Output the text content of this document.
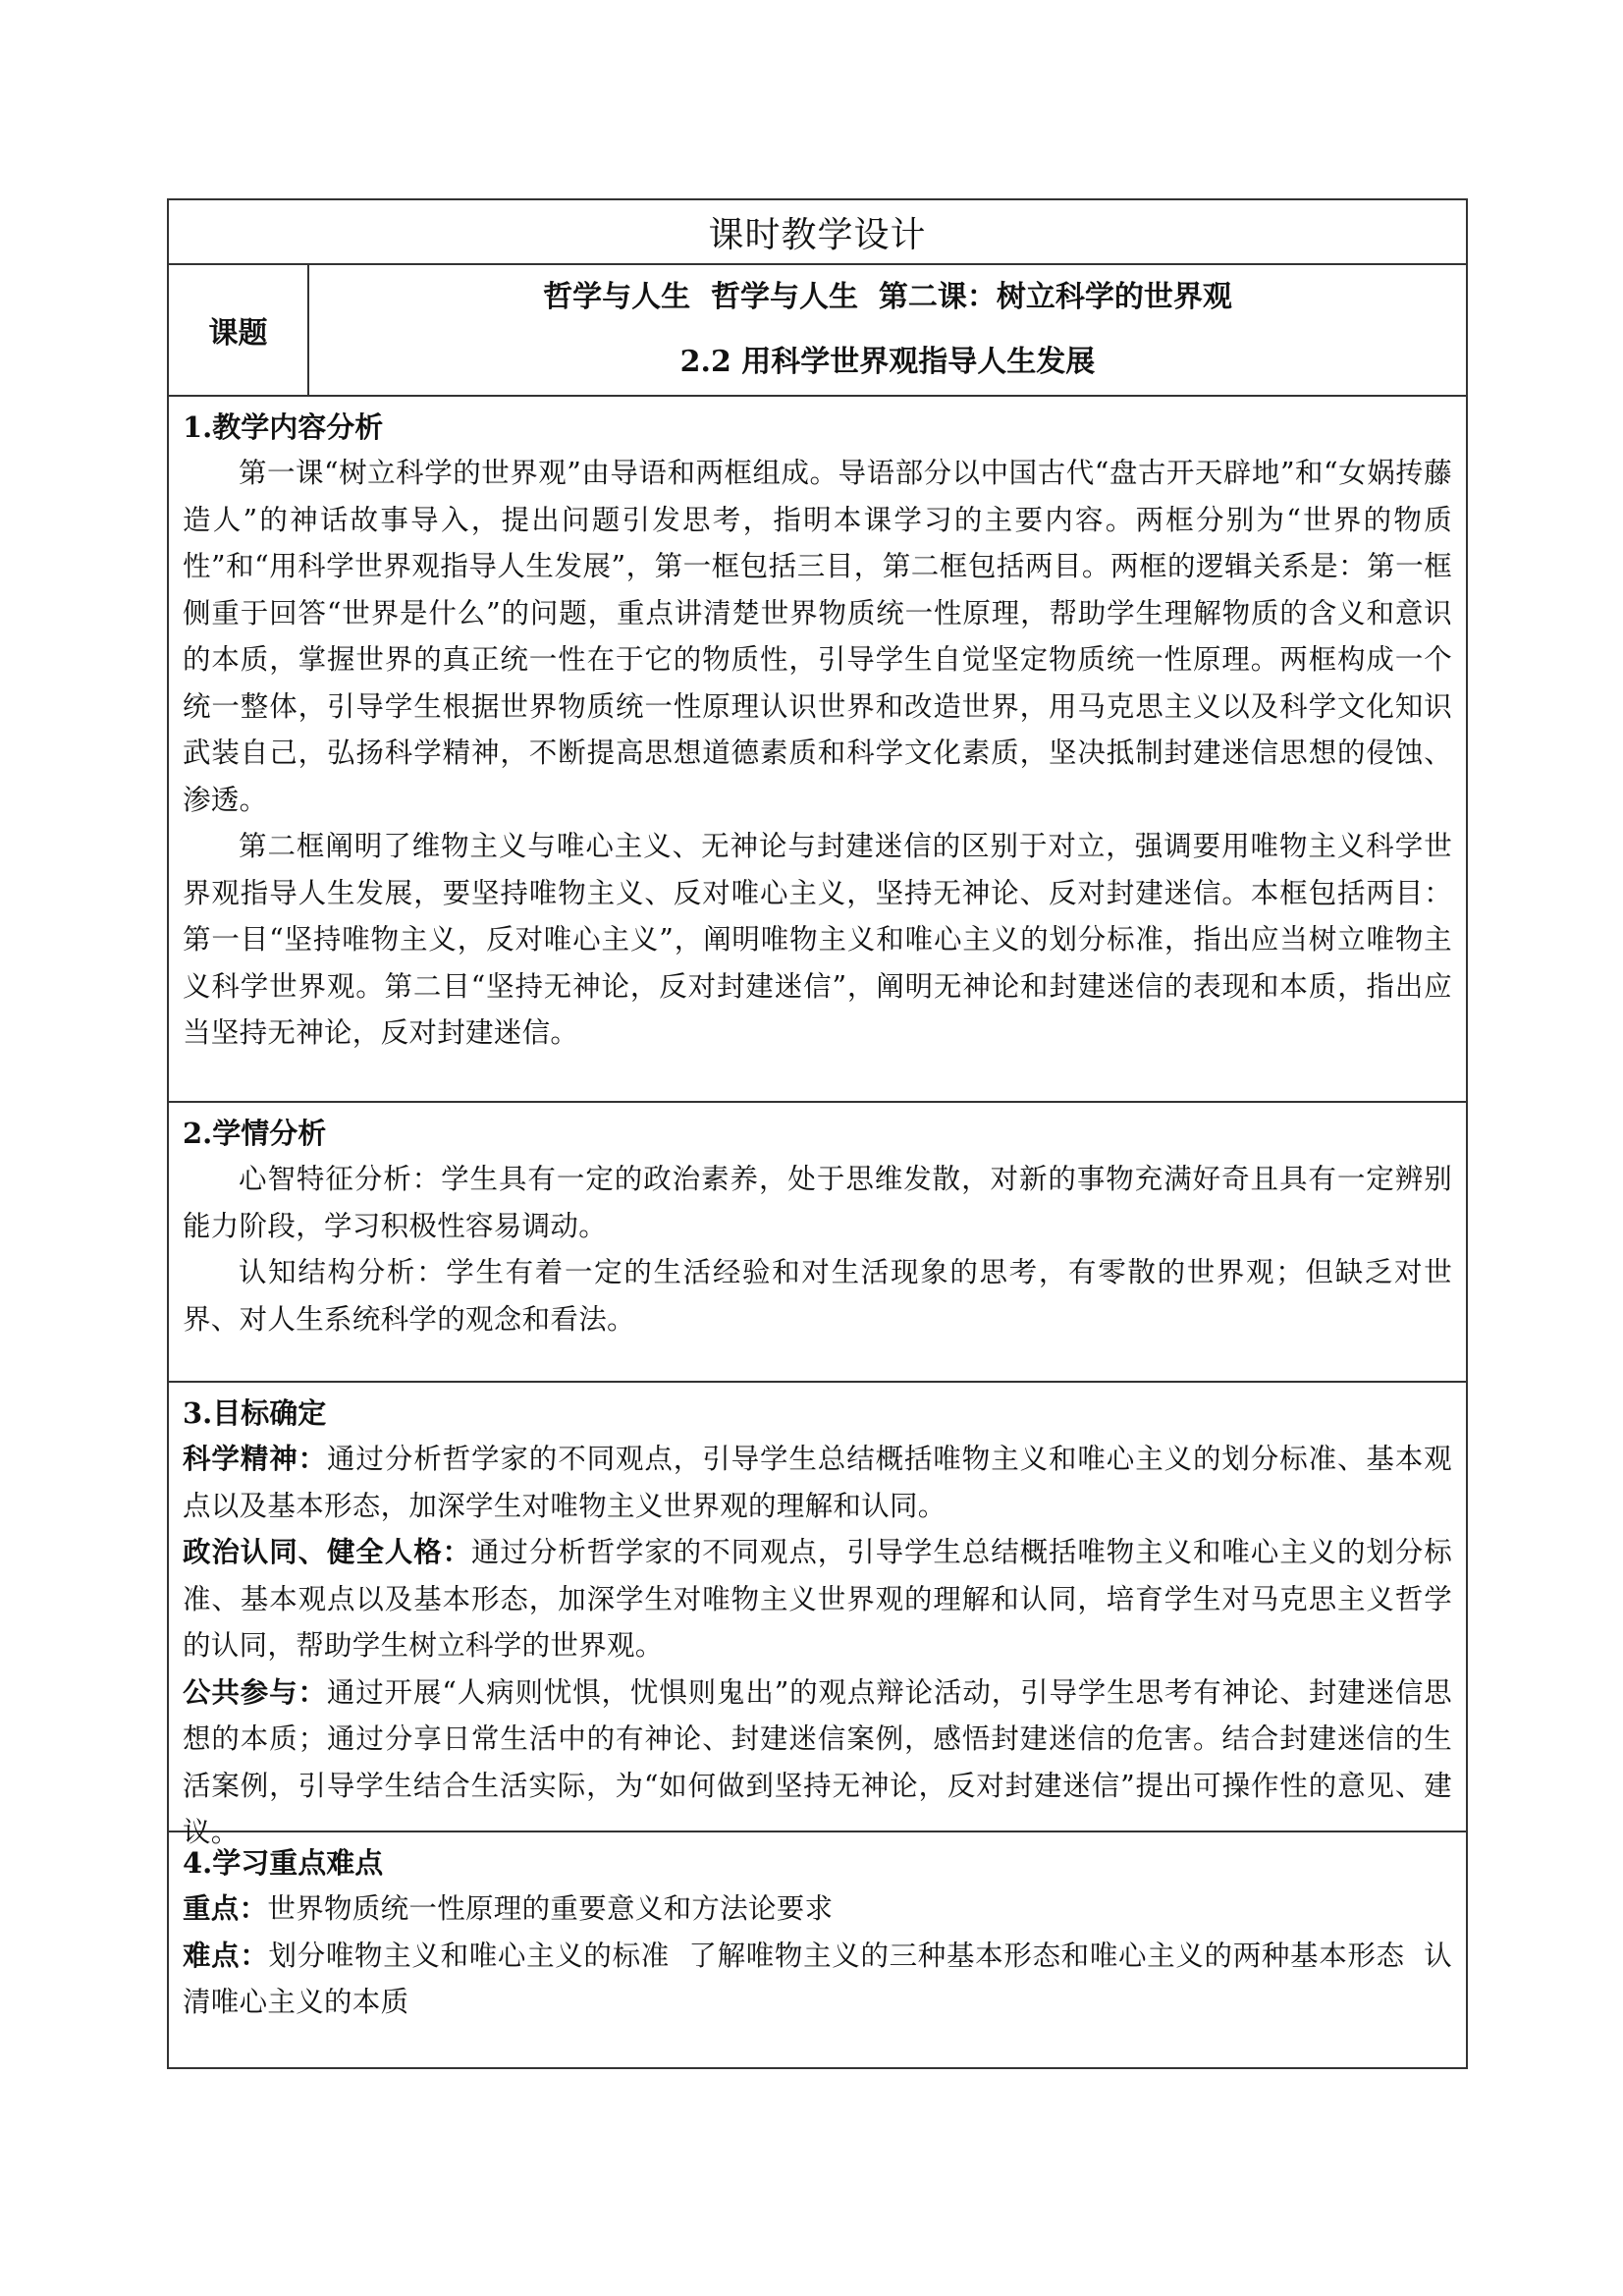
课时教学设计
课题
哲学与人生  哲学与人生  第二课：树立科学的世界观
2.2 用科学世界观指导人生发展

1.教学内容分析

第一课“树立科学的世界观”由导语和两框组成。导语部分以中国古代“盘古开天辟地”和“女娲抟藤造人”的神话故事导入，提出问题引发思考，指明本课学习的主要内容。两框分别为“世界的物质性”和“用科学世界观指导人生发展”，第一框包括三目，第二框包括两目。两框的逻辑关系是：第一框侧重于回答“世界是什么”的问题，重点讲清楚世界物质统一性原理，帮助学生理解物质的含义和意识的本质，掌握世界的真正统一性在于它的物质性，引导学生自觉坚定物质统一性原理。两框构成一个统一整体，引导学生根据世界物质统一性原理认识世界和改造世界，用马克思主义以及科学文化知识武装自己，弘扬科学精神，不断提高思想道德素质和科学文化素质，坚决抵制封建迷信思想的侵蚀、渗透。

第二框阐明了维物主义与唯心主义、无神论与封建迷信的区别于对立，强调要用唯物主义科学世界观指导人生发展，要坚持唯物主义、反对唯心主义，坚持无神论、反对封建迷信。本框包括两目：第一目“坚持唯物主义，反对唯心主义”，阐明唯物主义和唯心主义的划分标准，指出应当树立唯物主义科学世界观。第二目“坚持无神论，反对封建迷信”，阐明无神论和封建迷信的表现和本质，指出应当坚持无神论，反对封建迷信。

2.学情分析

心智特征分析：学生具有一定的政治素养，处于思维发散，对新的事物充满好奇且具有一定辨别能力阶段，学习积极性容易调动。

认知结构分析：学生有着一定的生活经验和对生活现象的思考，有零散的世界观；但缺乏对世界、对人生系统科学的观念和看法。

3.目标确定

科学精神：通过分析哲学家的不同观点，引导学生总结概括唯物主义和唯心主义的划分标准、基本观点以及基本形态，加深学生对唯物主义世界观的理解和认同。

政治认同、健全人格：通过分析哲学家的不同观点，引导学生总结概括唯物主义和唯心主义的划分标准、基本观点以及基本形态，加深学生对唯物主义世界观的理解和认同，培育学生对马克思主义哲学的认同，帮助学生树立科学的世界观。

公共参与：通过开展“人病则忧惧，忧惧则鬼出”的观点辩论活动，引导学生思考有神论、封建迷信思想的本质；通过分享日常生活中的有神论、封建迷信案例，感悟封建迷信的危害。结合封建迷信的生活案例，引导学生结合生活实际，为“如何做到坚持无神论，反对封建迷信”提出可操作性的意见、建议。

4.学习重点难点

重点：世界物质统一性原理的重要意义和方法论要求

难点：划分唯物主义和唯心主义的标准  了解唯物主义的三种基本形态和唯心主义的两种基本形态  认清唯心主义的本质
